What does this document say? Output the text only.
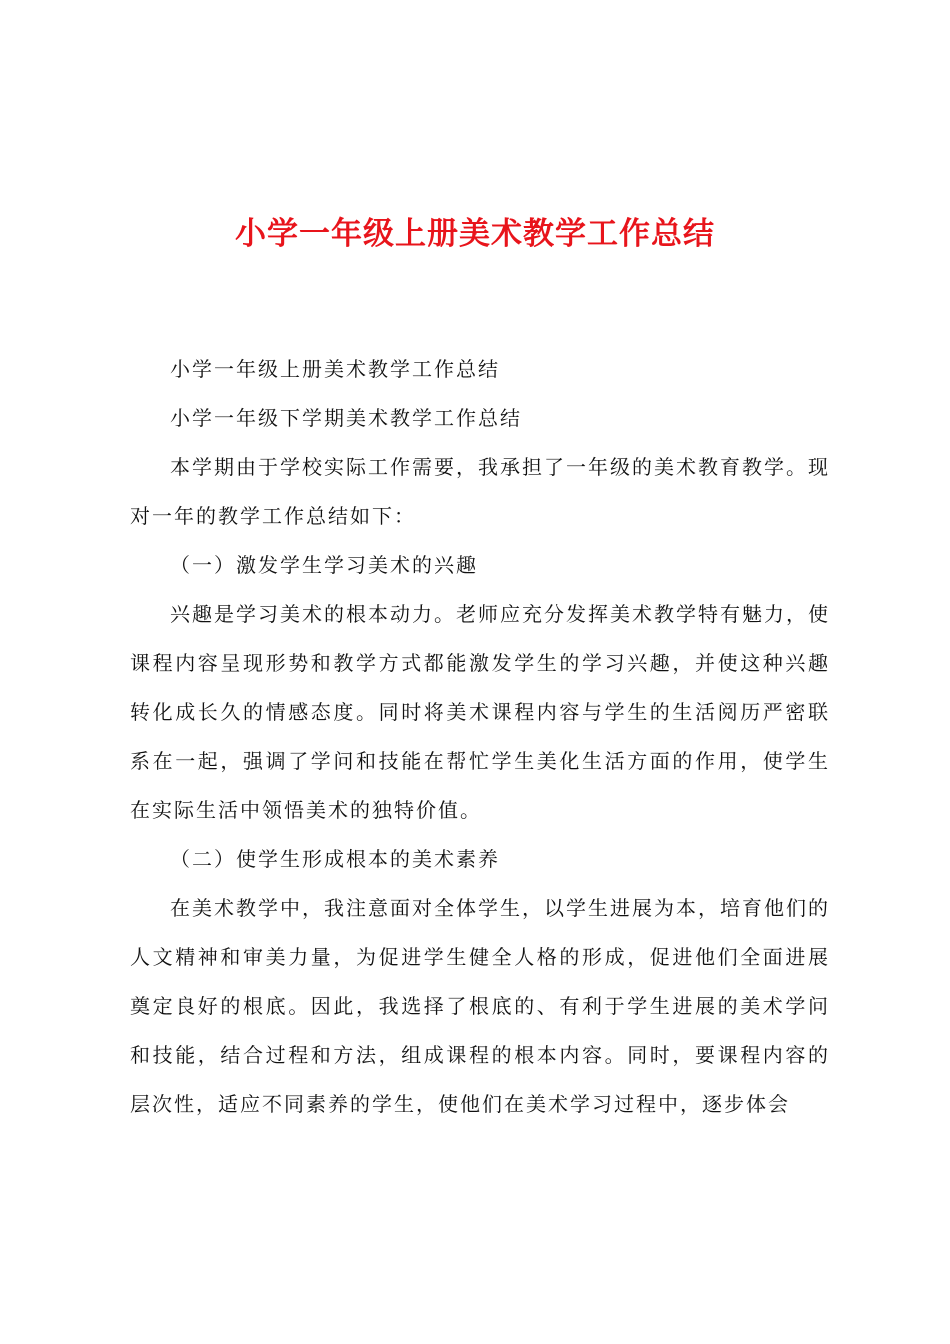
小学一年级上册美术教学工作总结

小学一年级上册美术教学工作总结

小学一年级下学期美术教学工作总结

本学期由于学校实际工作需要，我承担了一年级的美术教育教学。现对一年的教学工作总结如下：

（一）激发学生学习美术的兴趣

兴趣是学习美术的根本动力。老师应充分发挥美术教学特有魅力，使课程内容呈现形势和教学方式都能激发学生的学习兴趣，并使这种兴趣转化成长久的情感态度。同时将美术课程内容与学生的生活阅历严密联系在一起，强调了学问和技能在帮忙学生美化生活方面的作用，使学生在实际生活中领悟美术的独特价值。

（二）使学生形成根本的美术素养

在美术教学中，我注意面对全体学生，以学生进展为本，培育他们的人文精神和审美力量，为促进学生健全人格的形成，促进他们全面进展奠定良好的根底。因此，我选择了根底的、有利于学生进展的美术学问和技能，结合过程和方法，组成课程的根本内容。同时，要课程内容的层次性，适应不同素养的学生，使他们在美术学习过程中，逐步体会
